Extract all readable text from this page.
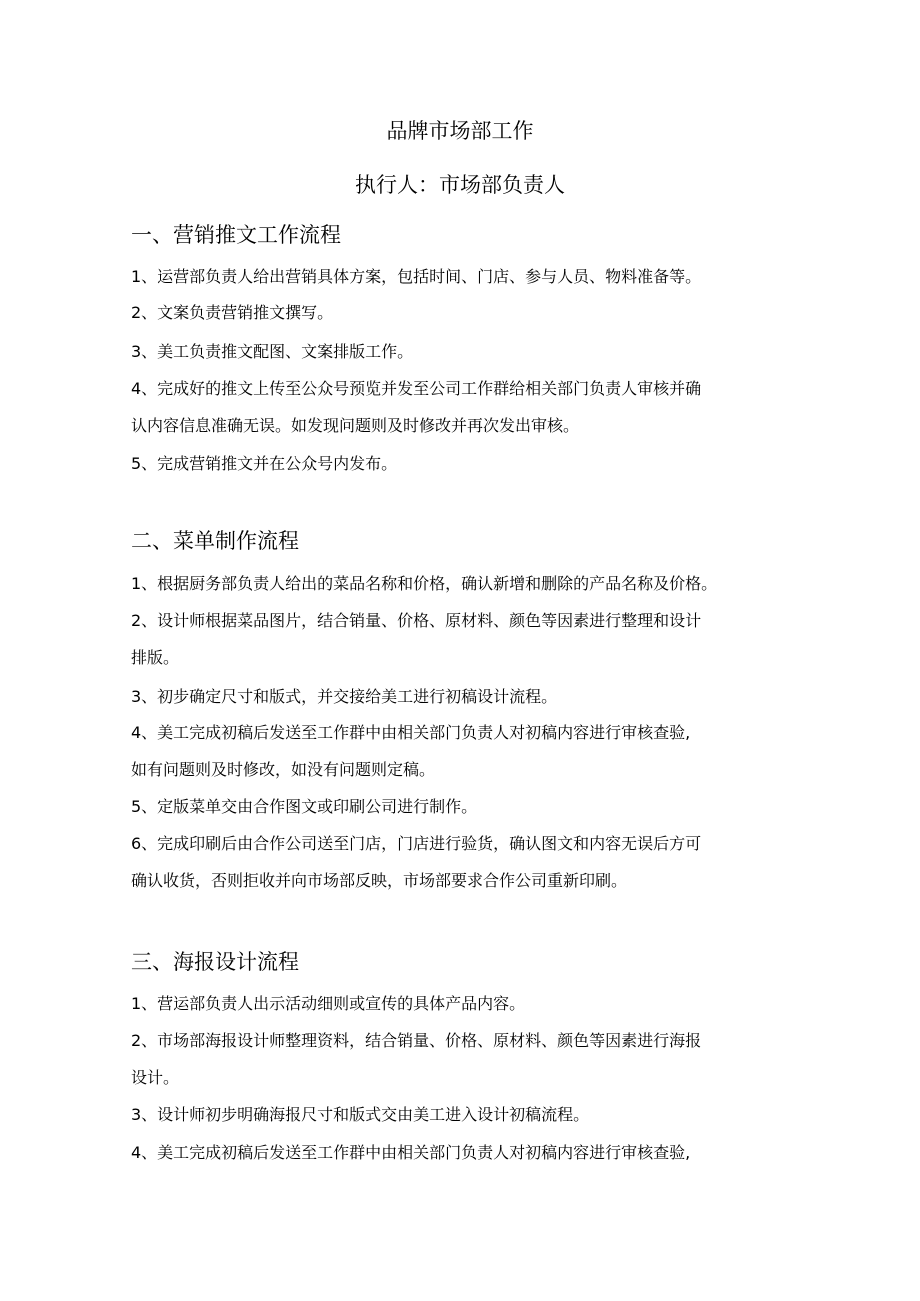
品牌市场部工作
执行人：市场部负责人
一、营销推文工作流程
1、运营部负责人给出营销具体方案，包括时间、门店、参与人员、物料准备等。
2、文案负责营销推文撰写。
3、美工负责推文配图、文案排版工作。
4、完成好的推文上传至公众号预览并发至公司工作群给相关部门负责人审核并确
认内容信息准确无误。如发现问题则及时修改并再次发出审核。
5、完成营销推文并在公众号内发布。
二、菜单制作流程
1、根据厨务部负责人给出的菜品名称和价格，确认新增和删除的产品名称及价格。
2、设计师根据菜品图片，结合销量、价格、原材料、颜色等因素进行整理和设计
排版。
3、初步确定尺寸和版式，并交接给美工进行初稿设计流程。
4、美工完成初稿后发送至工作群中由相关部门负责人对初稿内容进行审核查验,
如有问题则及时修改，如没有问题则定稿。
5、定版菜单交由合作图文或印刷公司进行制作。
6、完成印刷后由合作公司送至门店，门店进行验货，确认图文和内容无误后方可
确认收货，否则拒收并向市场部反映，市场部要求合作公司重新印刷。
三、海报设计流程
1、营运部负责人出示活动细则或宣传的具体产品内容。
2、市场部海报设计师整理资料，结合销量、价格、原材料、颜色等因素进行海报
设计。
3、设计师初步明确海报尺寸和版式交由美工进入设计初稿流程。
4、美工完成初稿后发送至工作群中由相关部门负责人对初稿内容进行审核查验,
